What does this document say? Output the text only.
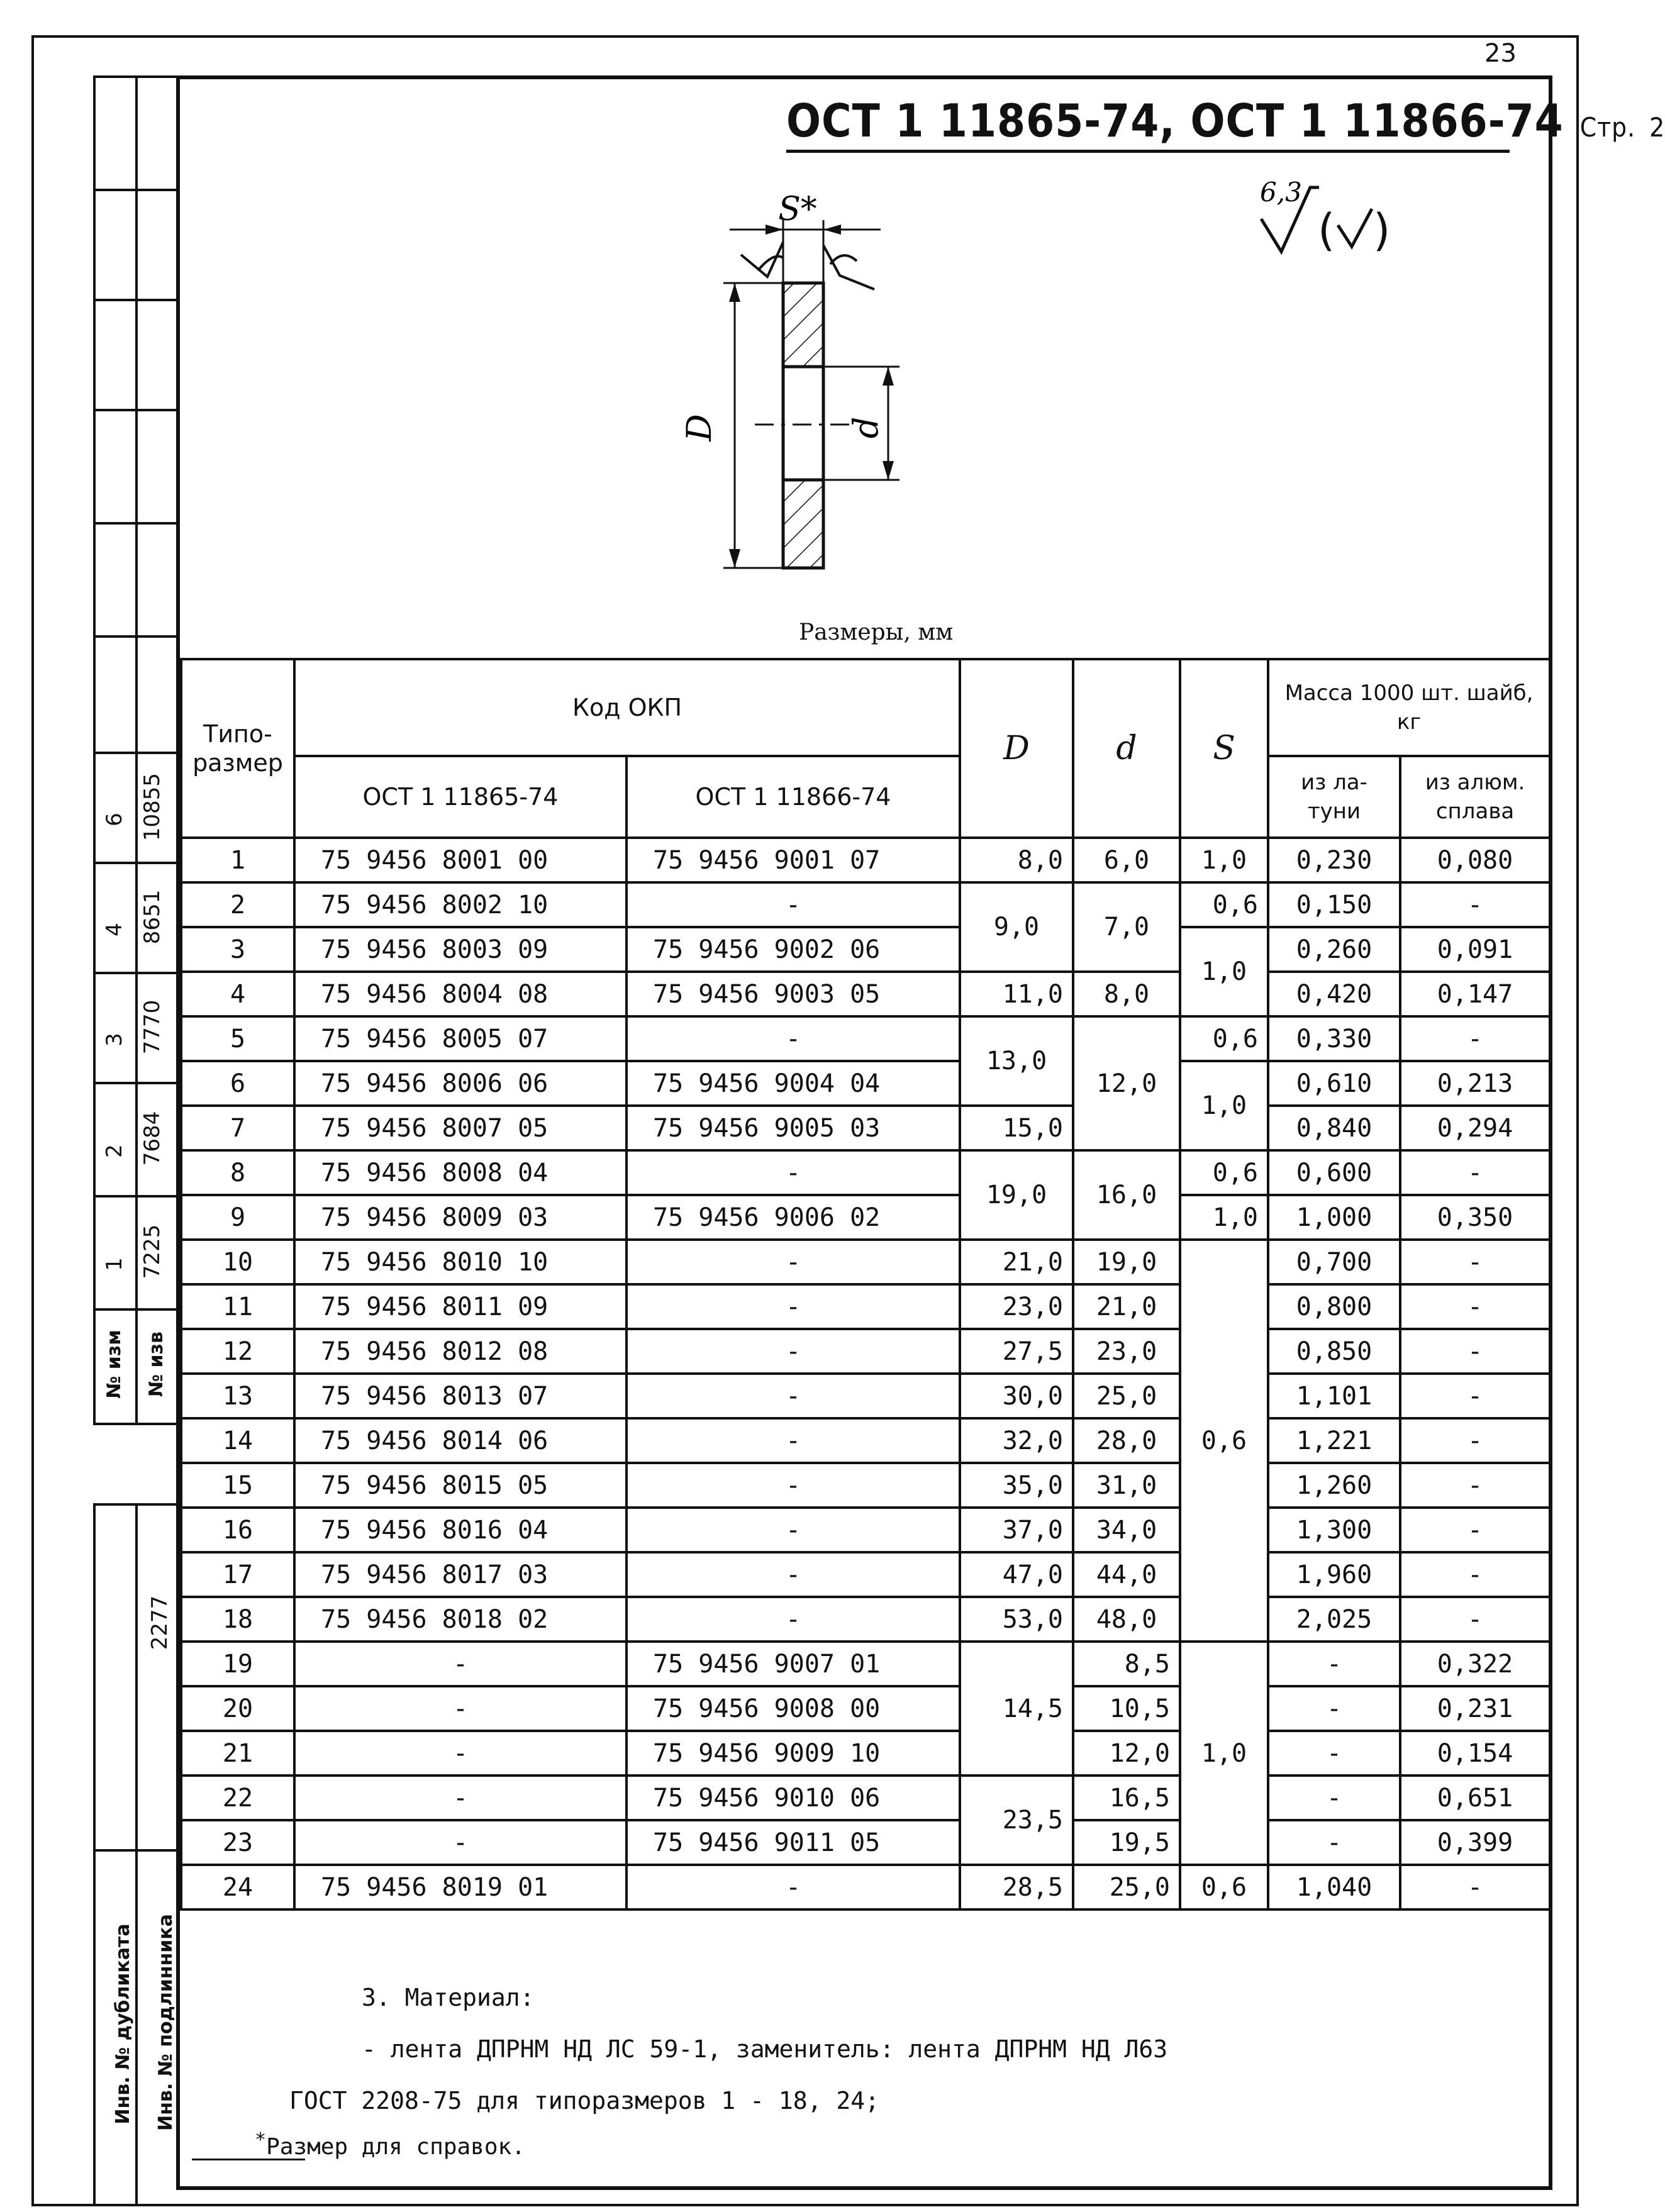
23
ОСТ 1 11865-74, ОСТ 1 11866-74 Стр. 2
6,3
( )
D	d
S*
Размеры, мм
6 10855
4 8651
3 7770
2 7684
1 7225
№ изм № изв
2277
Инв. № дубликата Инв. № подлинника
Типо-размер	Код ОКП		D	d	S	Масса 1000 шт. шайб, кг	
	ОСТ 1 11865-74	ОСТ 1 11866-74				из ла-туни	из алюм. сплава

1	75 9456 8001 00	75 9456 9001 07	8,0	6,0	1,0	0,230	0,080
2	75 9456 8002 10	-	9,0	7,0	0,6	0,150	-
3	75 9456 8003 09	75 9456 9002 06			1,0	0,260	0,091
4	75 9456 8004 08	75 9456 9003 05	11,0	8,0		0,420	0,147
5	75 9456 8005 07	-	13,0	12,0	0,6	0,330	-
6	75 9456 8006 06	75 9456 9004 04			1,0	0,610	0,213
7	75 9456 8007 05	75 9456 9005 03	15,0			0,840	0,294
8	75 9456 8008 04	-	19,0	16,0	0,6	0,600	-
9	75 9456 8009 03	75 9456 9006 02			1,0	1,000	0,350
10	75 9456 8010 10	-	21,0	19,0	0,6	0,700	-
11	75 9456 8011 09	-	23,0	21,0		0,800	-
12	75 9456 8012 08	-	27,5	23,0		0,850	-
13	75 9456 8013 07	-	30,0	25,0		1,101	-
14	75 9456 8014 06	-	32,0	28,0		1,221	-
15	75 9456 8015 05	-	35,0	31,0		1,260	-
16	75 9456 8016 04	-	37,0	34,0		1,300	-
17	75 9456 8017 03	-	47,0	44,0		1,960	-
18	75 9456 8018 02	-	53,0	48,0		2,025	-
19	-	75 9456 9007 01	14,5	8,5	1,0	-	0,322
20	-	75 9456 9008 00		10,5		-	0,231
21	-	75 9456 9009 10		12,0		-	0,154
22	-	75 9456 9010 06	23,5	16,5		-	0,651
23	-	75 9456 9011 05		19,5		-	0,399
24	75 9456 8019 01	-	28,5	25,0	0,6	1,040	-
3. Материал:
- лента ДПРНМ НД ЛС 59-1, заменитель: лента ДПРНМ НД Л63
ГОСТ 2208-75 для типоразмеров 1 - 18, 24;
*Размер для справок.
